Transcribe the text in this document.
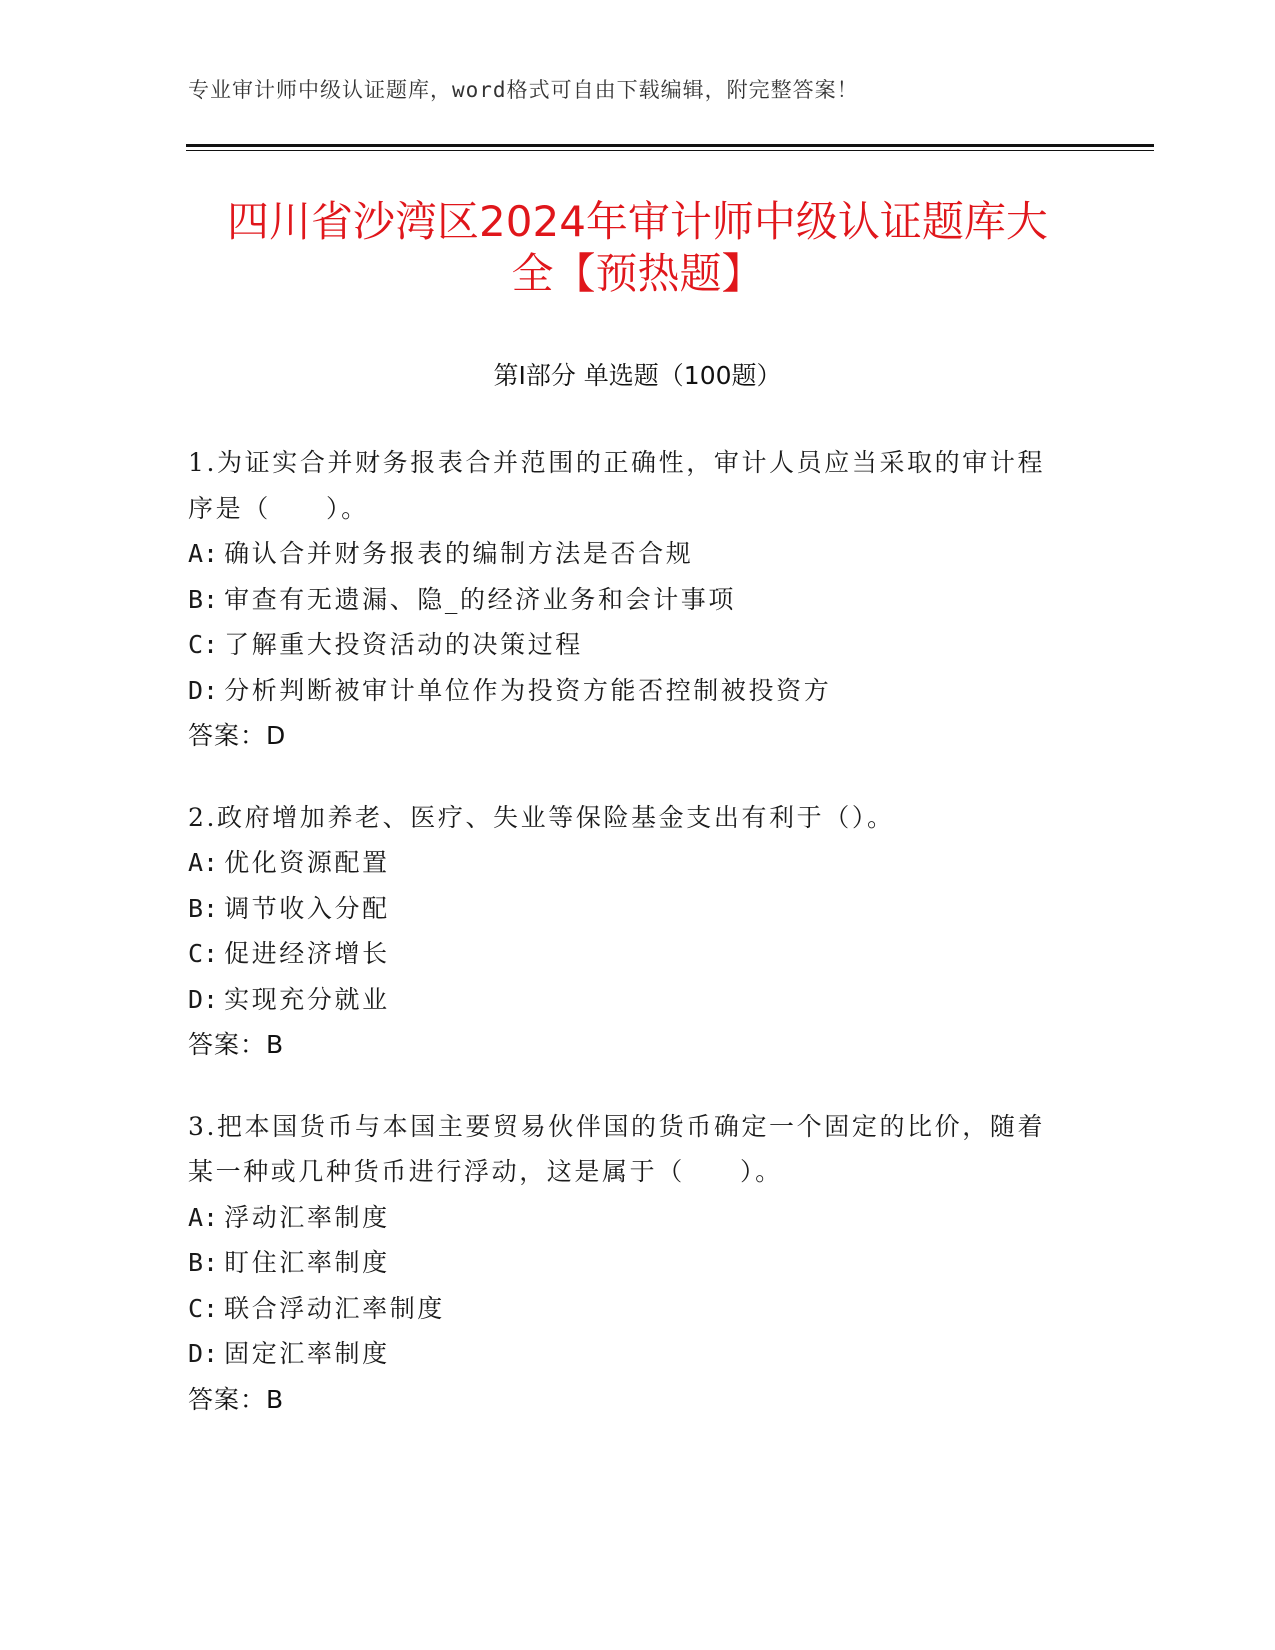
专业审计师中级认证题库，word格式可自由下载编辑，附完整答案！
四川省沙湾区2024年审计师中级认证题库大
全【预热题】
第Ⅰ部分 单选题（100题）
1.为证实合并财务报表合并范围的正确性，审计人员应当采取的审计程序是（　　）。
A: 确认合并财务报表的编制方法是否合规
B: 审查有无遗漏、隐_的经济业务和会计事项
C: 了解重大投资活动的决策过程
D: 分析判断被审计单位作为投资方能否控制被投资方
答案：D
2.政府增加养老、医疗、失业等保险基金支出有利于（）。
A: 优化资源配置
B: 调节收入分配
C: 促进经济增长
D: 实现充分就业
答案：B
3.把本国货币与本国主要贸易伙伴国的货币确定一个固定的比价，随着某一种或几种货币进行浮动，这是属于（　　）。
A: 浮动汇率制度
B: 盯住汇率制度
C: 联合浮动汇率制度
D: 固定汇率制度
答案：B
